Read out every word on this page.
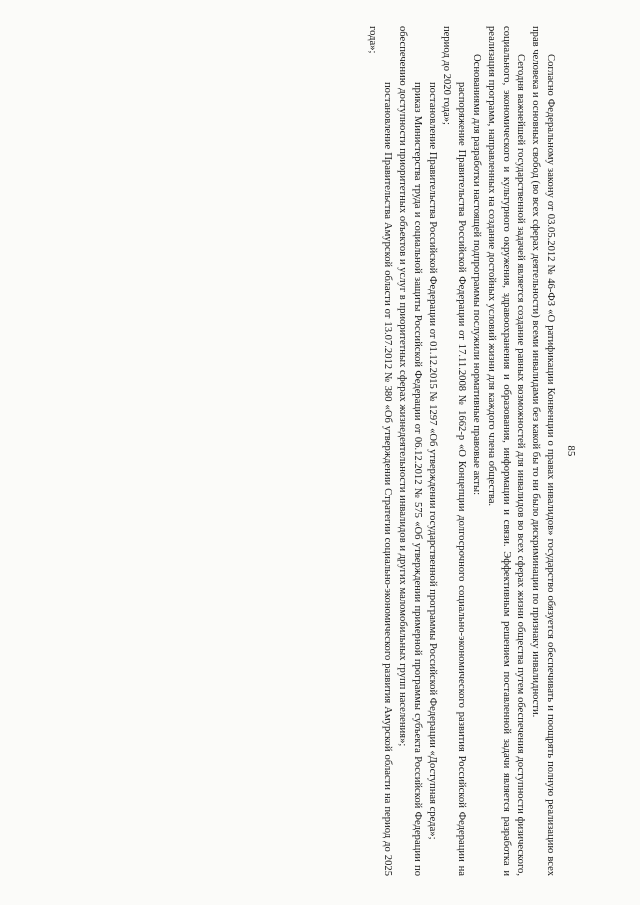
85

Согласно Федеральному закону от 03.05.2012 № 46-ФЗ «О ратификации Конвенции о правах инвалидов» государство обязуется обеспечивать и поощрять полную реализацию всех прав человека и основных свобод (во всех сферах деятельности) всеми инвалидами без какой бы то ни было дискриминации по признаку инвалидности.

Сегодня важнейшей государственной задачей является создание равных возможностей для инвалидов во всех сферах жизни общества путем обеспечения доступности физического, социального, экономического и культурного окружения, здравоохранения и образования, информации и связи. Эффективным решением поставленной задачи является разработка и реализация программ, направленных на создание достойных условий жизни для каждого члена общества.

Основаниями для разработки настоящей подпрограммы послужили нормативные правовые акты:

распоряжение Правительства Российской Федерации от 17.11.2008 № 1662-р «О Концепции долгосрочного социально-экономического развития Российской Федерации на период до 2020 года»;

постановление Правительства Российской Федерации от 01.12.2015 № 1297 «Об утверждении государственной программы Российской Федерации «Доступная среда»;

приказ Министерства труда и социальной защиты Российской Федерации от 06.12.2012 № 575 «Об утверждении примерной программы субъекта Российской Федерации по обеспечению доступности приоритетных объектов и услуг в приоритетных сферах жизнедеятельности инвалидов и других маломобильных групп населения»;

постановление Правительства Амурской области от 13.07.2012 № 380 «Об утверждении Стратегии социально-экономического развития Амурской области на период до 2025 года»;
